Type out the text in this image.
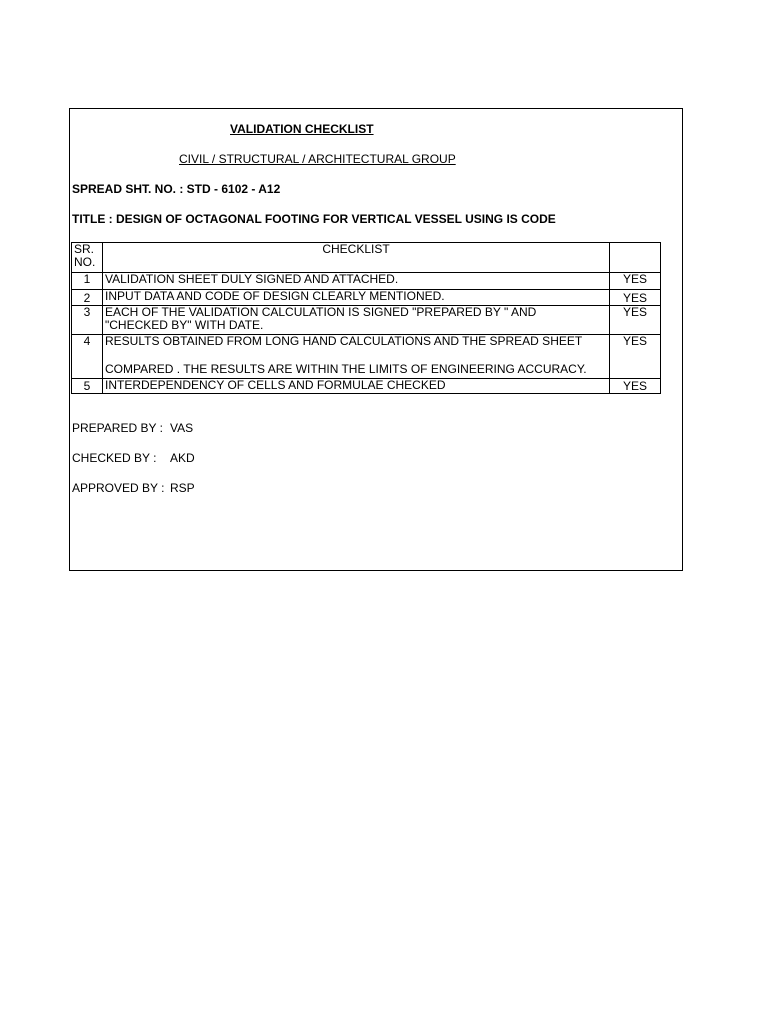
VALIDATION CHECKLIST
CIVIL / STRUCTURAL / ARCHITECTURAL GROUP
SPREAD SHT. NO. : STD - 6102 - A12
TITLE : DESIGN OF OCTAGONAL FOOTING FOR VERTICAL VESSEL USING IS CODE
SR.
NO.	CHECKLIST	
1	VALIDATION SHEET DULY SIGNED AND ATTACHED.	YES
2	INPUT DATA AND CODE OF DESIGN CLEARLY MENTIONED.	YES
3	EACH OF THE VALIDATION CALCULATION IS SIGNED "PREPARED BY " AND
"CHECKED BY" WITH DATE.	YES
4	RESULTS OBTAINED FROM LONG HAND CALCULATIONS AND THE SPREAD SHEET
COMPARED . THE RESULTS ARE WITHIN THE LIMITS OF ENGINEERING ACCURACY.	YES
5	INTERDEPENDENCY OF CELLS AND FORMULAE CHECKED	YES
PREPARED BY : VAS
CHECKED BY : AKD
APPROVED BY : RSP
